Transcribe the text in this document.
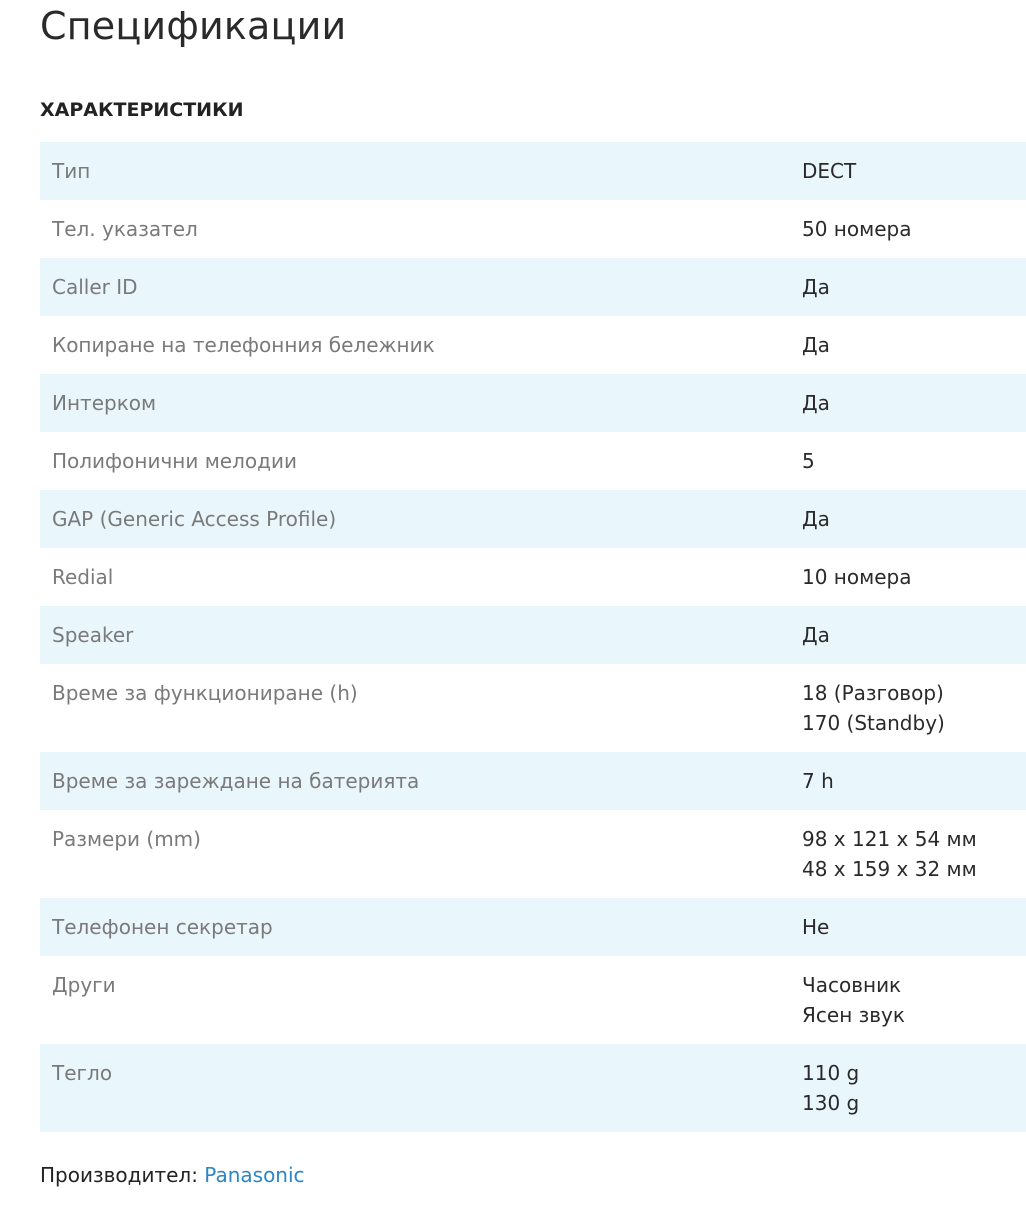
Спецификации
ХАРАКТЕРИСТИКИ
Тип	DECT

Тел. указател	50 номера

Caller ID	Да

Копиране на телефонния бележник	Да

Интерком	Да

Полифонични мелодии	5

GAP (Generic Access Profile)	Да

Redial	10 номера

Speaker	Да

Време за функциониране (h)	18 (Разговор)
170 (Standby)

Време за зареждане на батерията	7 h

Размери (mm)	98 x 121 x 54 мм
48 x 159 x 32 мм

Телефонен секретар	Не

Други	Часовник
Ясен звук

Тегло	110 g
130 g
Производител: Panasonic
